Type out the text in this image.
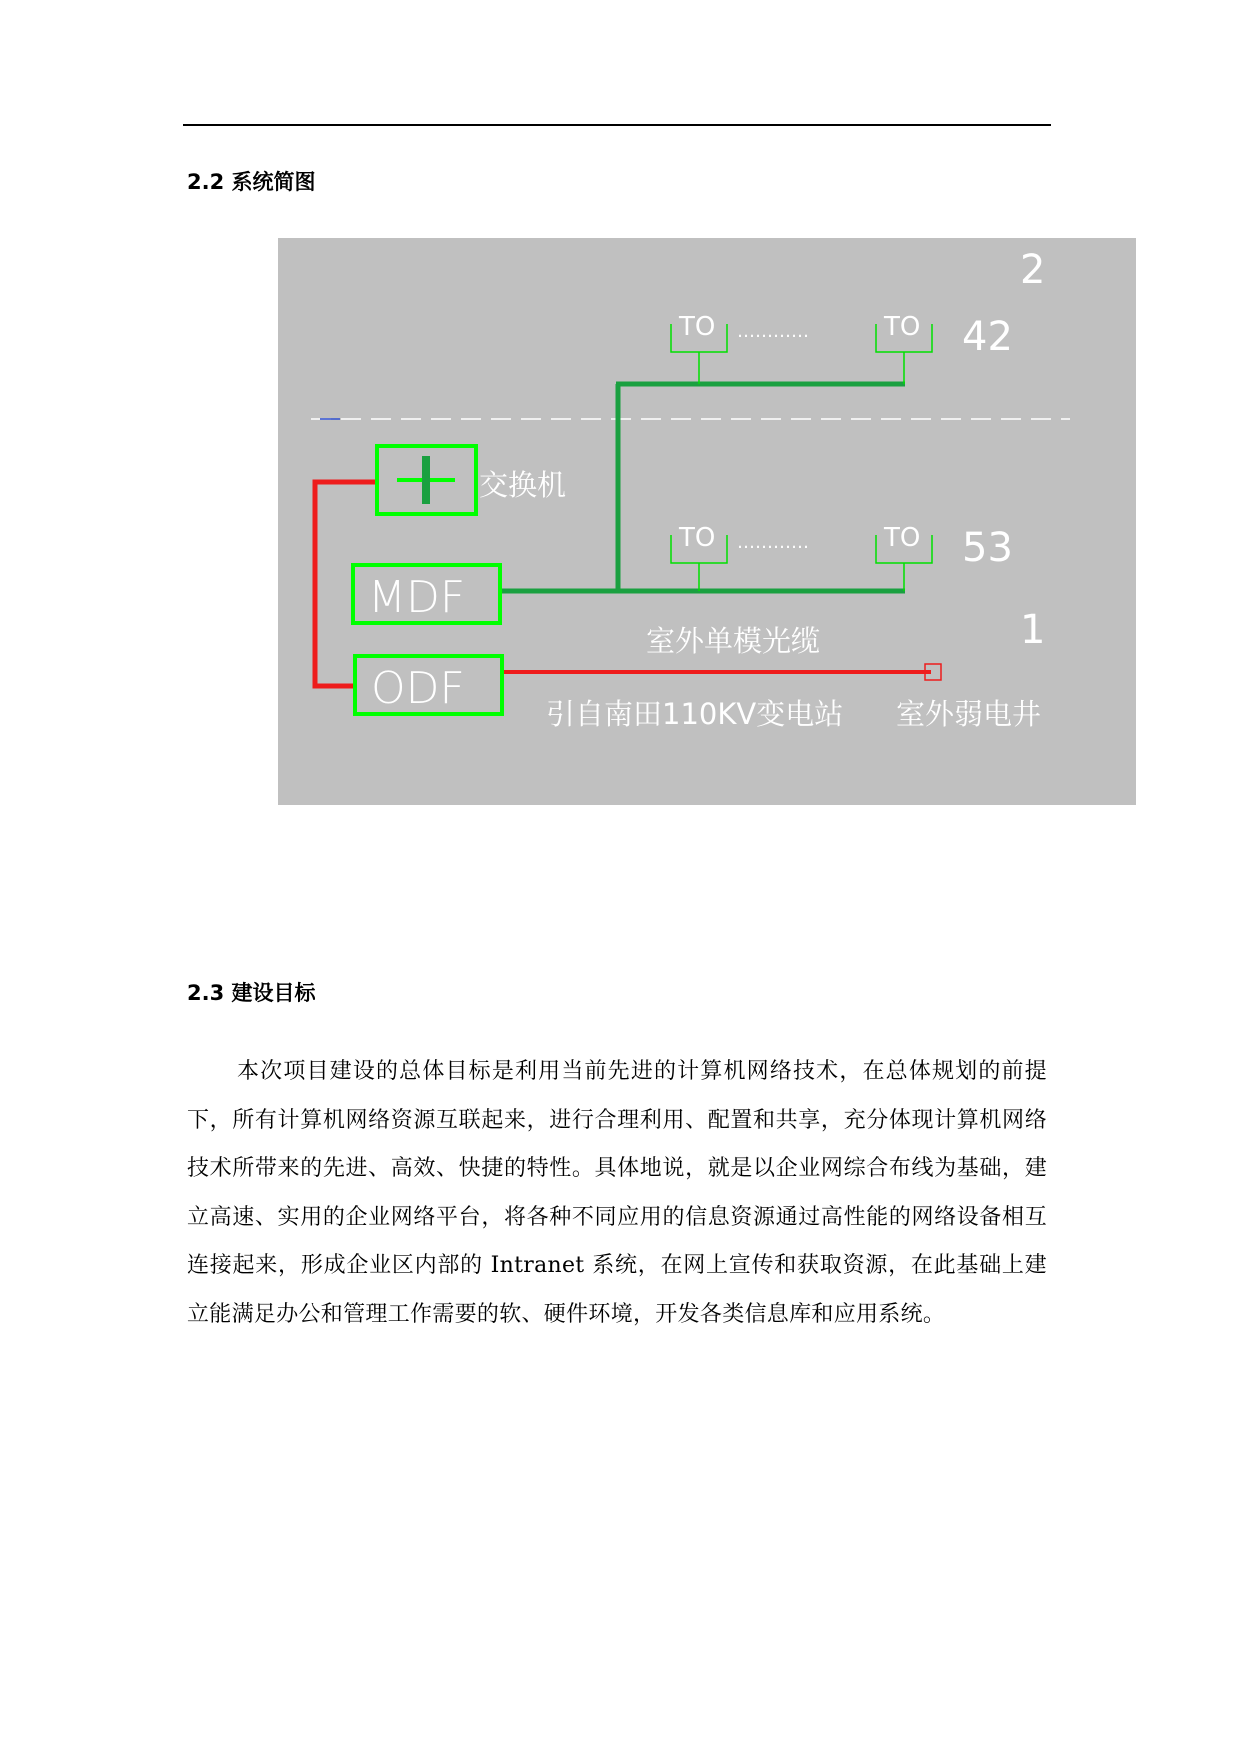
2.2 系统简图
TO	TO
…………
TO	TO
…………
2
42
53
1
交换机
MDF
ODF
室外单模光缆
引自南田110KV变电站 室外弱电井
2.3 建设目标

本次项目建设的总体目标是利用当前先进的计算机网络技术，在总体规划的前提下，所有计算机网络资源互联起来，进行合理利用、配置和共享，充分体现计算机网络技术所带来的先进、高效、快捷的特性。具体地说，就是以企业网综合布线为基础，建立高速、实用的企业网络平台，将各种不同应用的信息资源通过高性能的网络设备相互连接起来，形成企业区内部的 Intranet 系统，在网上宣传和获取资源，在此基础上建立能满足办公和管理工作需要的软、硬件环境，开发各类信息库和应用系统。
